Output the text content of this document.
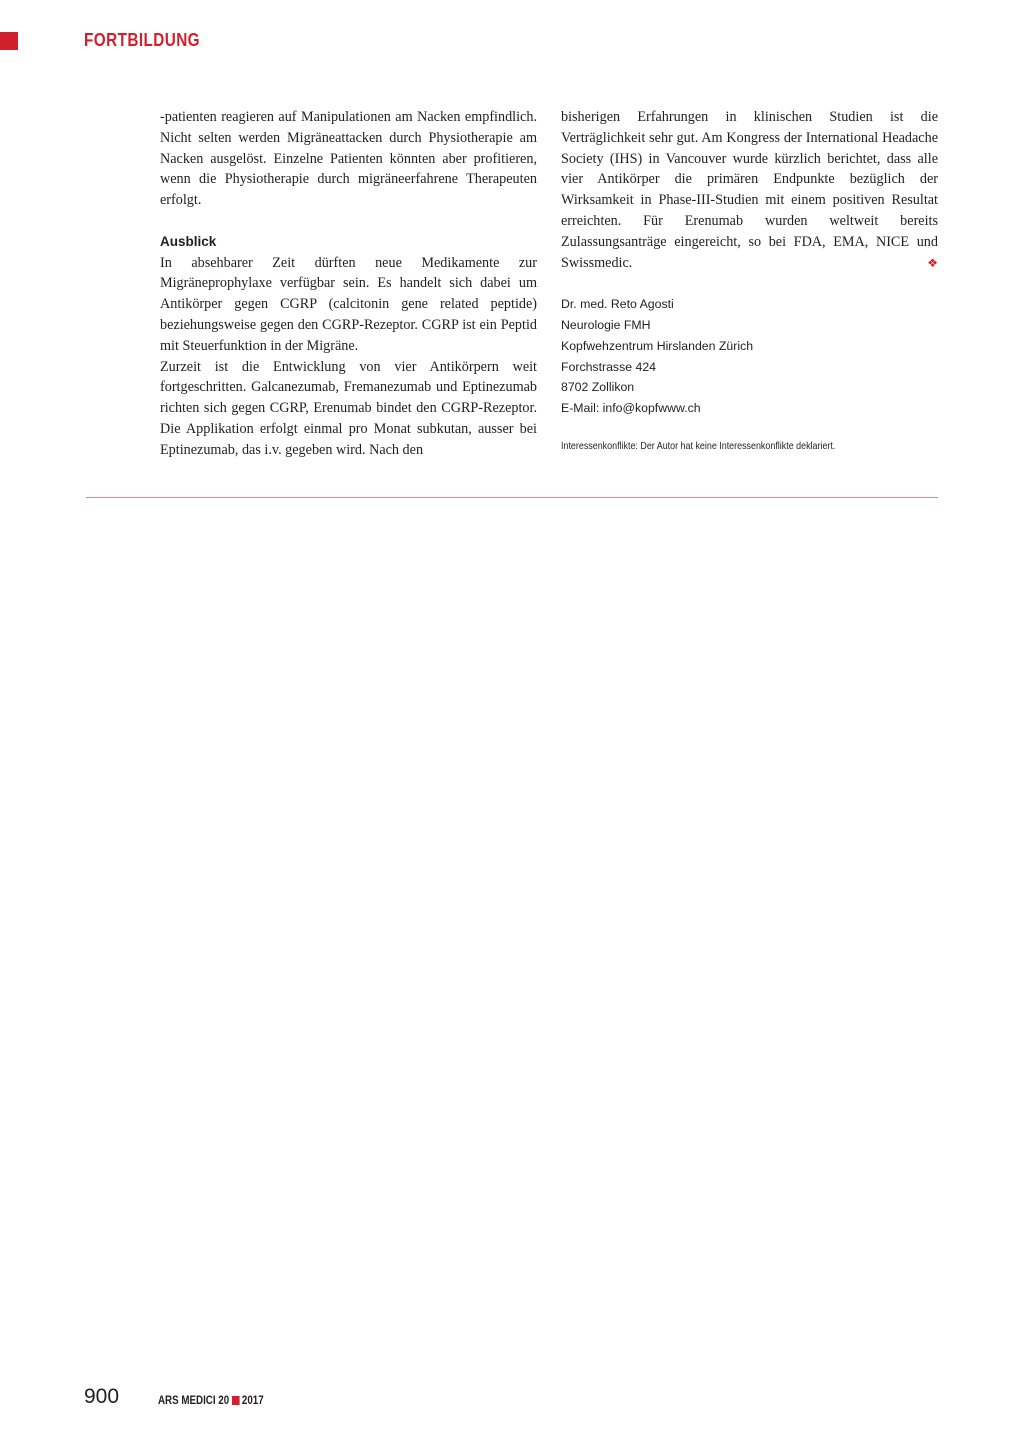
FORTBILDUNG

-patienten reagieren auf Manipulationen am Nacken empfindlich. Nicht selten werden Migräneattacken durch Physiotherapie am Nacken ausgelöst. Einzelne Patienten könnten aber profitieren, wenn die Physiotherapie durch migräneerfahrene Therapeuten erfolgt.

Ausblick

In absehbarer Zeit dürften neue Medikamente zur Migräneprophylaxe verfügbar sein. Es handelt sich dabei um Antikörper gegen CGRP (calcitonin gene related peptide) beziehungsweise gegen den CGRP-Rezeptor. CGRP ist ein Peptid mit Steuerfunktion in der Migräne.

Zurzeit ist die Entwicklung von vier Antikörpern weit fortgeschritten. Galcanezumab, Fremanezumab und Eptinezumab richten sich gegen CGRP, Erenumab bindet den CGRP-Rezeptor. Die Applikation erfolgt einmal pro Monat subkutan, ausser bei Eptinezumab, das i.v. gegeben wird. Nach den

bisherigen Erfahrungen in klinischen Studien ist die Verträglichkeit sehr gut. Am Kongress der International Headache Society (IHS) in Vancouver wurde kürzlich berichtet, dass alle vier Antikörper die primären Endpunkte bezüglich der Wirksamkeit in Phase-III-Studien mit einem positiven Resultat erreichten. Für Erenumab wurden weltweit bereits Zulassungsanträge eingereicht, so bei FDA, EMA, NICE und Swissmedic.	❖

Dr. med. Reto Agosti
Neurologie FMH
Kopfwehzentrum Hirslanden Zürich
Forchstrasse 424
8702 Zollikon
E-Mail: info@kopfwww.ch
Interessenkonflikte: Der Autor hat keine Interessenkonflikte deklariert.
900	ARS MEDICI 20 2017
